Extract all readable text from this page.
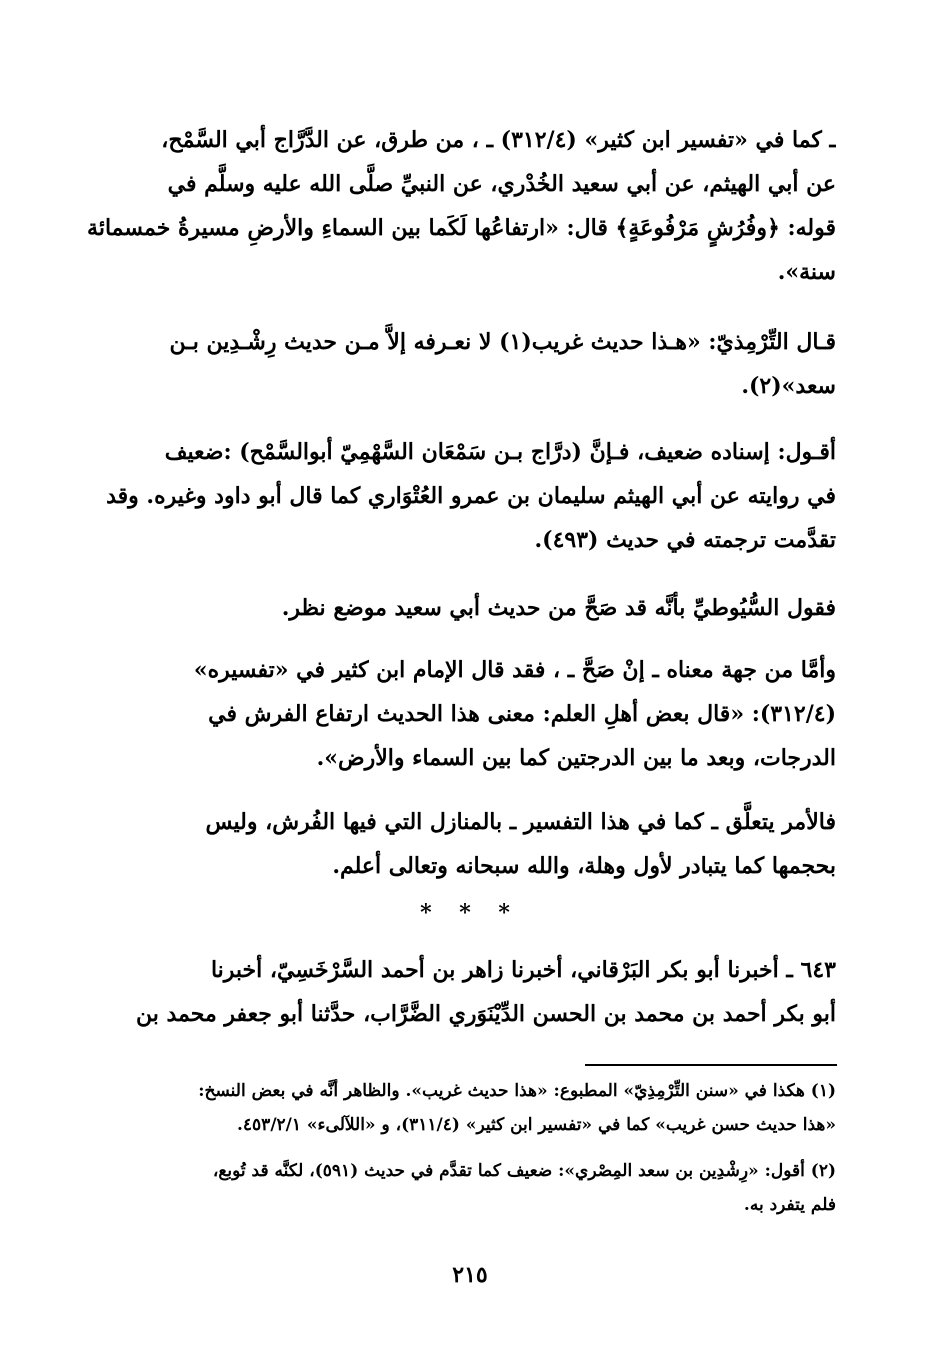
ـ كما في «تفسير ابن كثير» (٣١٢/٤) ـ ، من طرق، عن الدَّرَّاج أبي السَّمْح،
عن أبي الهيثم، عن أبي سعيد الخُدْري، عن النبيِّ صلَّى الله عليه وسلَّم في
قوله: ﴿وفُرُشٍ مَرْفُوعَةٍ﴾ قال: «ارتفاعُها لَكَما بين السماءِ والأرضِ مسيرةُ خمسمائة
سنة».
قـال التِّرْمِذيّ: «هـذا حديث غريب(١) لا نعـرفه إلاَّ مـن حديث رِشْـدِين بـن
سعد»(٢).
أقـول: إسناده ضعيف، فـإنَّ (درَّاج بـن سَمْعَان السَّهْمِيّ أبوالسَّمْح) :ضعيف
في روايته عن أبي الهيثم سليمان بن عمرو العُتْوَاري كما قال أبو داود وغيره. وقد
تقدَّمت ترجمته في حديث (٤٩٣).
فقول السُّيُوطيِّ بأنَّه قد صَحَّ من حديث أبي سعيد موضع نظر.
وأمَّا من جهة معناه ـ إنْ صَحَّ ـ ، فقد قال الإمام ابن كثير في «تفسيره»
(٣١٢/٤): «قال بعض أهلِ العلم: معنى هذا الحديث ارتفاع الفرش في
الدرجات، وبعد ما بين الدرجتين كما بين السماء والأرض».
فالأمر يتعلَّق ـ كما في هذا التفسير ـ بالمنازل التي فيها الفُرش، وليس
بحجمها كما يتبادر لأول وهلة، والله سبحانه وتعالى أعلم.
* * *
٦٤٣ ـ أخبرنا أبو بكر البَرْقاني، أخبرنا زاهر بن أحمد السَّرْخَسِيّ، أخبرنا
أبو بكر أحمد بن محمد بن الحسن الدِّيْنَوَري الضَّرَّاب، حدَّثنا أبو جعفر محمد بن
(١) هكذا في «سنن التِّرْمِذِيّ» المطبوع: «هذا حديث غريب». والظاهر أنَّه في بعض النسخ:
«هذا حديث حسن غريب» كما في «تفسير ابن كثير» (٣١١/٤)، و «اللآلىء» ٤٥٣/٢/١.
(٢) أقول: «رِشْدِين بن سعد المِصْري»: ضعيف كما تقدَّم في حديث (٥٩١)، لكنَّه قد تُوبع،
فلم يتفرد به.
٢١٥
